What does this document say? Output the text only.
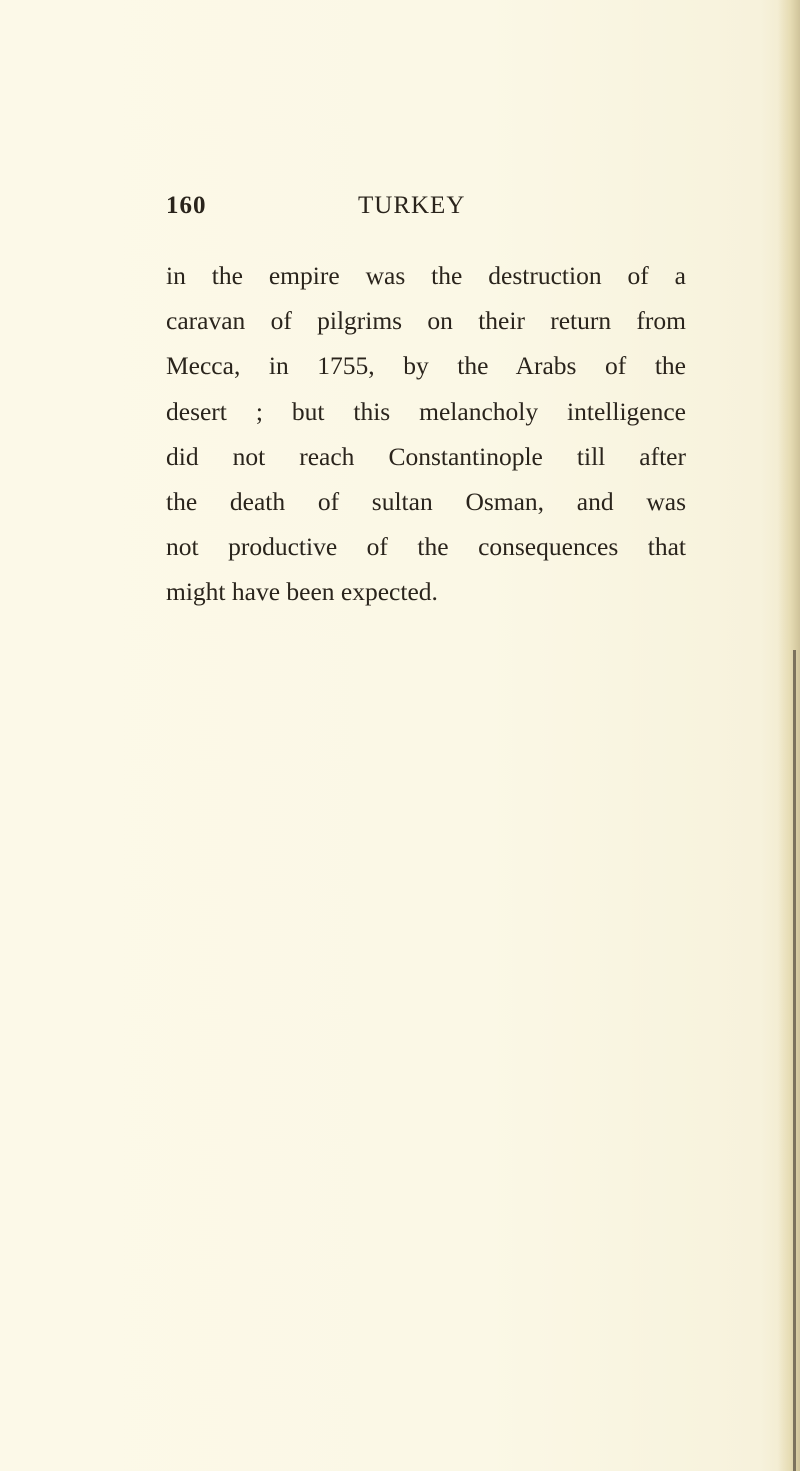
160	TURKEY
in the empire was the destruction of a
caravan of pilgrims on their return from
Mecca, in 1755, by the Arabs of the
desert ; but this melancholy intelligence
did not reach Constantinople till after
the death of sultan Osman, and was
not productive of the consequences that
might have been expected.
